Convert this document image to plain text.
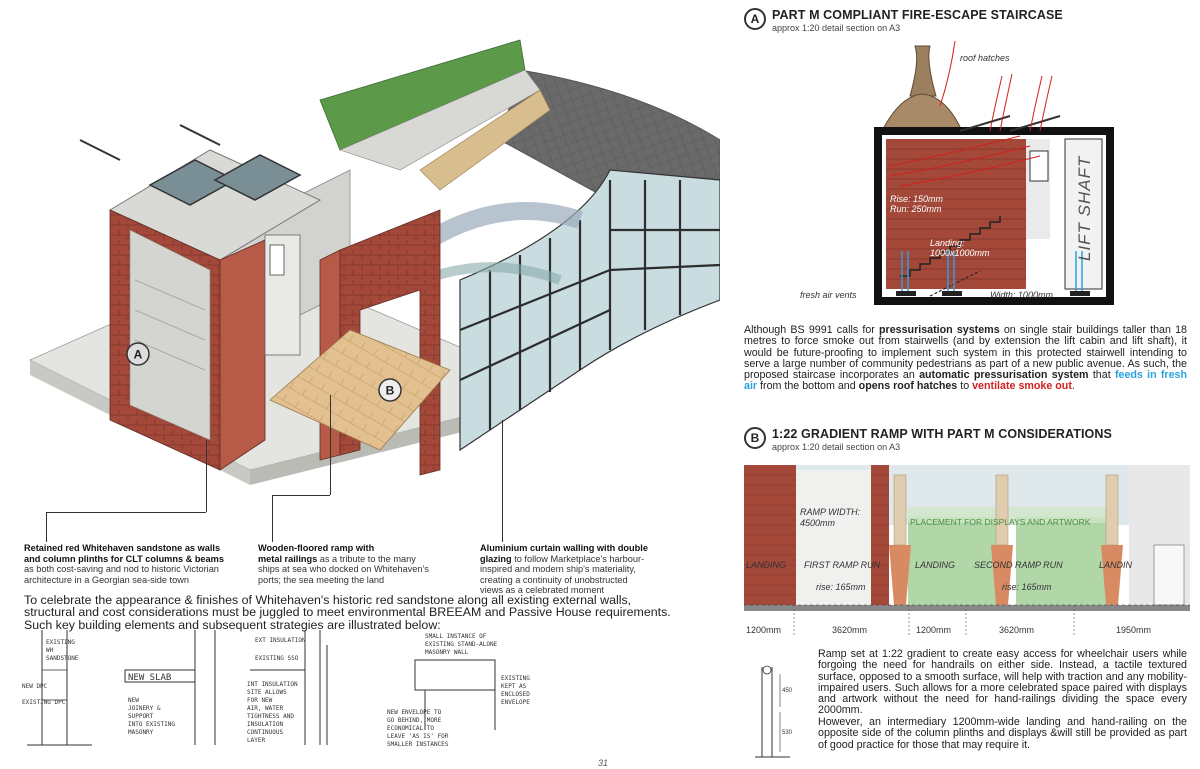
A
B
Retained red Whitehaven sandstone as walls and column plinths for CLT columns & beams as both cost-saving and nod to historic Victorian architecture in a Georgian sea-side town
Wooden-floored ramp with
metal railings as a tribute to the many ships at sea who docked on Whitehaven's ports; the sea meeting the land
Aluminium curtain walling with double glazing to follow Marketplace's harbour-inspired and modern ship's materiality, creating a continuity of unobstructed views as a celebrated moment
To celebrate the appearance & finishes of Whitehaven's historic red sandstone along all existing external walls, structural and cost considerations must be juggled to meet environmental BREEAM and Passive House requirements. Such key building elements and subsequent strategies are illustrated below:
EXISTING
WH
SANDSTONE
NEW DPC
EXISTING DPC
NEW SLAB
NEW
JOINERY &
SUPPORT
INTO EXISTING
MASONRY
EXT INSULATION
EXISTING SSO
INT INSULATION
SITE ALLOWS
FOR NEW
AIR, WATER
TIGHTNESS AND
INSULATION
CONTINUOUS
LAYER
SMALL INSTANCE OF
EXISTING STAND-ALONE
MASONRY WALL
EXISTING
KEPT AS
ENCLOSED
ENVELOPE
NEW ENVELOPE TO
GO BEHIND, MORE
ECONOMICAL TO
LEAVE 'AS IS' FOR
SMALLER INSTANCES
31
A	PART M COMPLIANT FIRE-ESCAPE STAIRCASE
approx 1:20 detail section on A3
roof hatches
Rise: 150mm
Run: 250mm
Landing:
1000x1000mm
fresh air vents	Width: 1000mm
LIFT SHAFT
Although BS 9991 calls for pressurisation systems on single stair buildings taller than 18 metres to force smoke out from stairwells (and by extension the lift cabin and lift shaft), it would be future-proofing to implement such system in this protected stairwell intending to serve a large number of community pedestrians as part of a new public avenue. As such, the proposed staircase incorporates an automatic pressurisation system that feeds in fresh air from the bottom and opens roof hatches to ventilate smoke out.
B	1:22 GRADIENT RAMP WITH PART M CONSIDERATIONS
approx 1:20 detail section on A3
RAMP WIDTH:
4500mm	PLACEMENT FOR DISPLAYS AND ARTWORK
LANDING FIRST RAMP RUN	LANDING SECOND RAMP RUN	LANDIN
rise: 165mm	rise: 165mm
1200mm	3620mm	1200mm	3620mm	1950mm
450
530
Ramp set at 1:22 gradient to create easy access for wheelchair users while forgoing the need for handrails on either side. Instead, a tactile textured surface, opposed to a smooth surface, will help with traction and any mobility-impaired users. Such allows for a more celebrated space paired with displays and artwork without the need for hand-railings dividing the space every 2000mm.
However, an intermediary 1200mm-wide landing and hand-railing on the opposite side of the column plinths and displays &will still be provided as part of good practice for those that may require it.
